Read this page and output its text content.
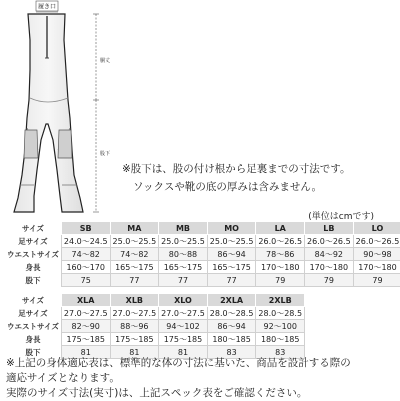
履き口
胴丈
股下
※股下は、股の付け根から足裏までの寸法です。
ソックスや靴の底の厚みは含みません。
(単位はcmです)
サイズ	SB	MA	MB	MO	LA	LB	LO
足サイズ	24.0～24.5	25.0～25.5	25.0～25.5	25.0～25.5	26.0～26.5	26.0～26.5	26.0～26.5
ウエストサイズ	74～82	74～82	80～88	86～94	78～86	84～92	90～98
身長	160～170	165～175	165～175	165～175	170～180	170～180	170～180
股下	75	77	77	77	79	79	79
サイズ	XLA	XLB	XLO	2XLA	2XLB
足サイズ	27.0～27.5	27.0～27.5	27.0～27.5	28.0～28.5	28.0～28.5
ウエストサイズ	82～90	88～96	94～102	86～94	92～100
身長	175～185	175～185	175～185	180～185	180～185
股下	81	81	81	83	83
※上記の身体適応表は、標準的な体の寸法に基いた、商品を設計する際の
適応サイズとなります。
実際のサイズ寸法(実寸)は、上記スペック表をご確認ください。
